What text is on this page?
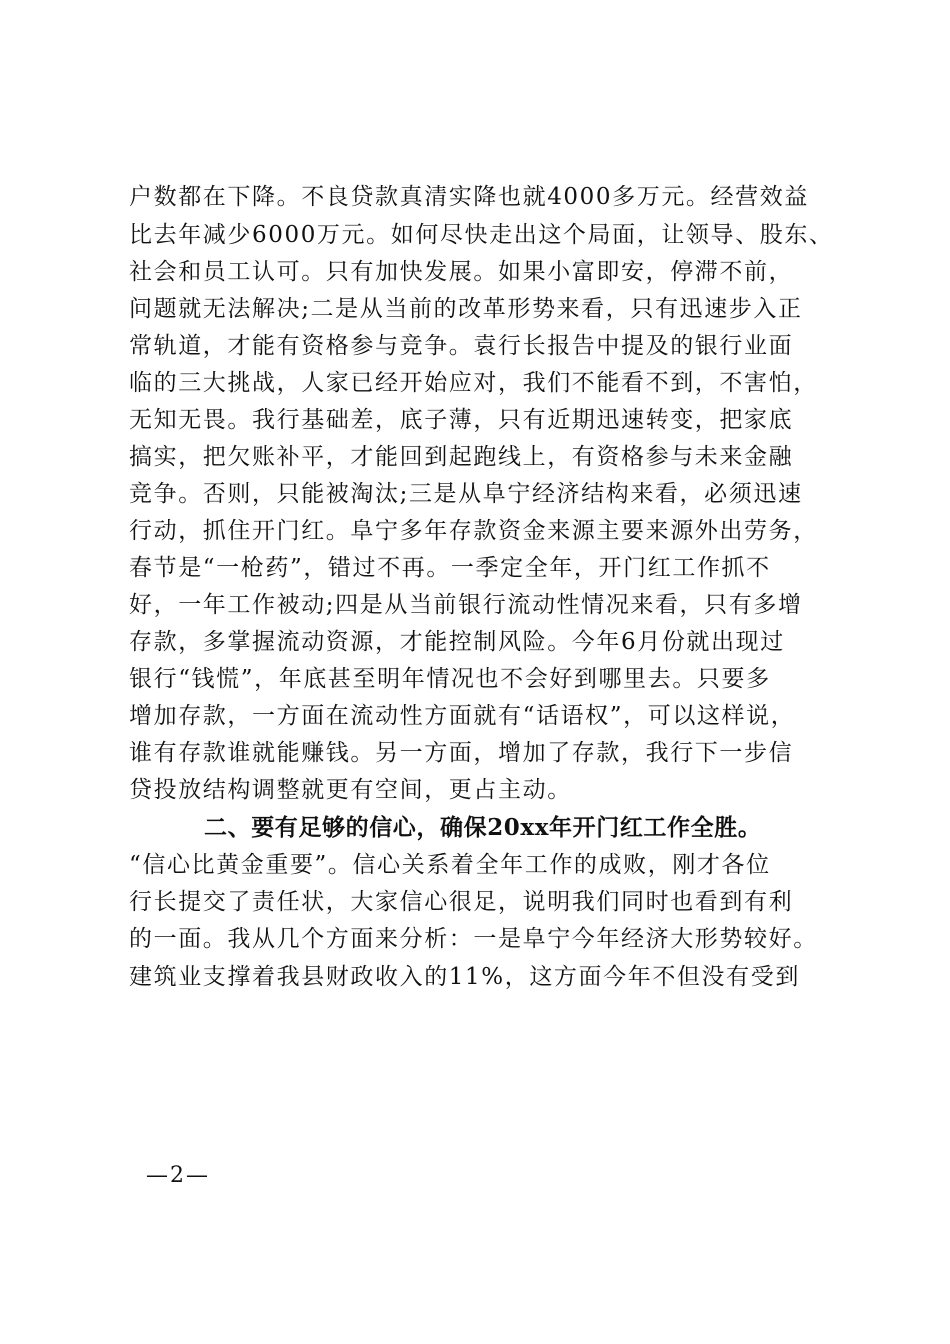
户数都在下降。不良贷款真清实降也就4000多万元。经营效益
比去年减少6000万元。如何尽快走出这个局面，让领导、股东、
社会和员工认可。只有加快发展。如果小富即安，停滞不前，
问题就无法解决;二是从当前的改革形势来看，只有迅速步入正
常轨道，才能有资格参与竞争。袁行长报告中提及的银行业面
临的三大挑战，人家已经开始应对，我们不能看不到，不害怕，
无知无畏。我行基础差，底子薄，只有近期迅速转变，把家底
搞实，把欠账补平，才能回到起跑线上，有资格参与未来金融
竞争。否则，只能被淘汰;三是从阜宁经济结构来看，必须迅速
行动，抓住开门红。阜宁多年存款资金来源主要来源外出劳务，
春节是“一枪药”，错过不再。一季定全年，开门红工作抓不
好，一年工作被动;四是从当前银行流动性情况来看，只有多增
存款，多掌握流动资源，才能控制风险。今年6月份就出现过
银行“钱慌”，年底甚至明年情况也不会好到哪里去。只要多
增加存款，一方面在流动性方面就有“话语权”，可以这样说，
谁有存款谁就能赚钱。另一方面，增加了存款，我行下一步信
贷投放结构调整就更有空间，更占主动。
二、要有足够的信心，确保20xx年开门红工作全胜。
“信心比黄金重要”。信心关系着全年工作的成败，刚才各位
行长提交了责任状，大家信心很足，说明我们同时也看到有利
的一面。我从几个方面来分析：一是阜宁今年经济大形势较好。
建筑业支撑着我县财政收入的11%，这方面今年不但没有受到
—2—
